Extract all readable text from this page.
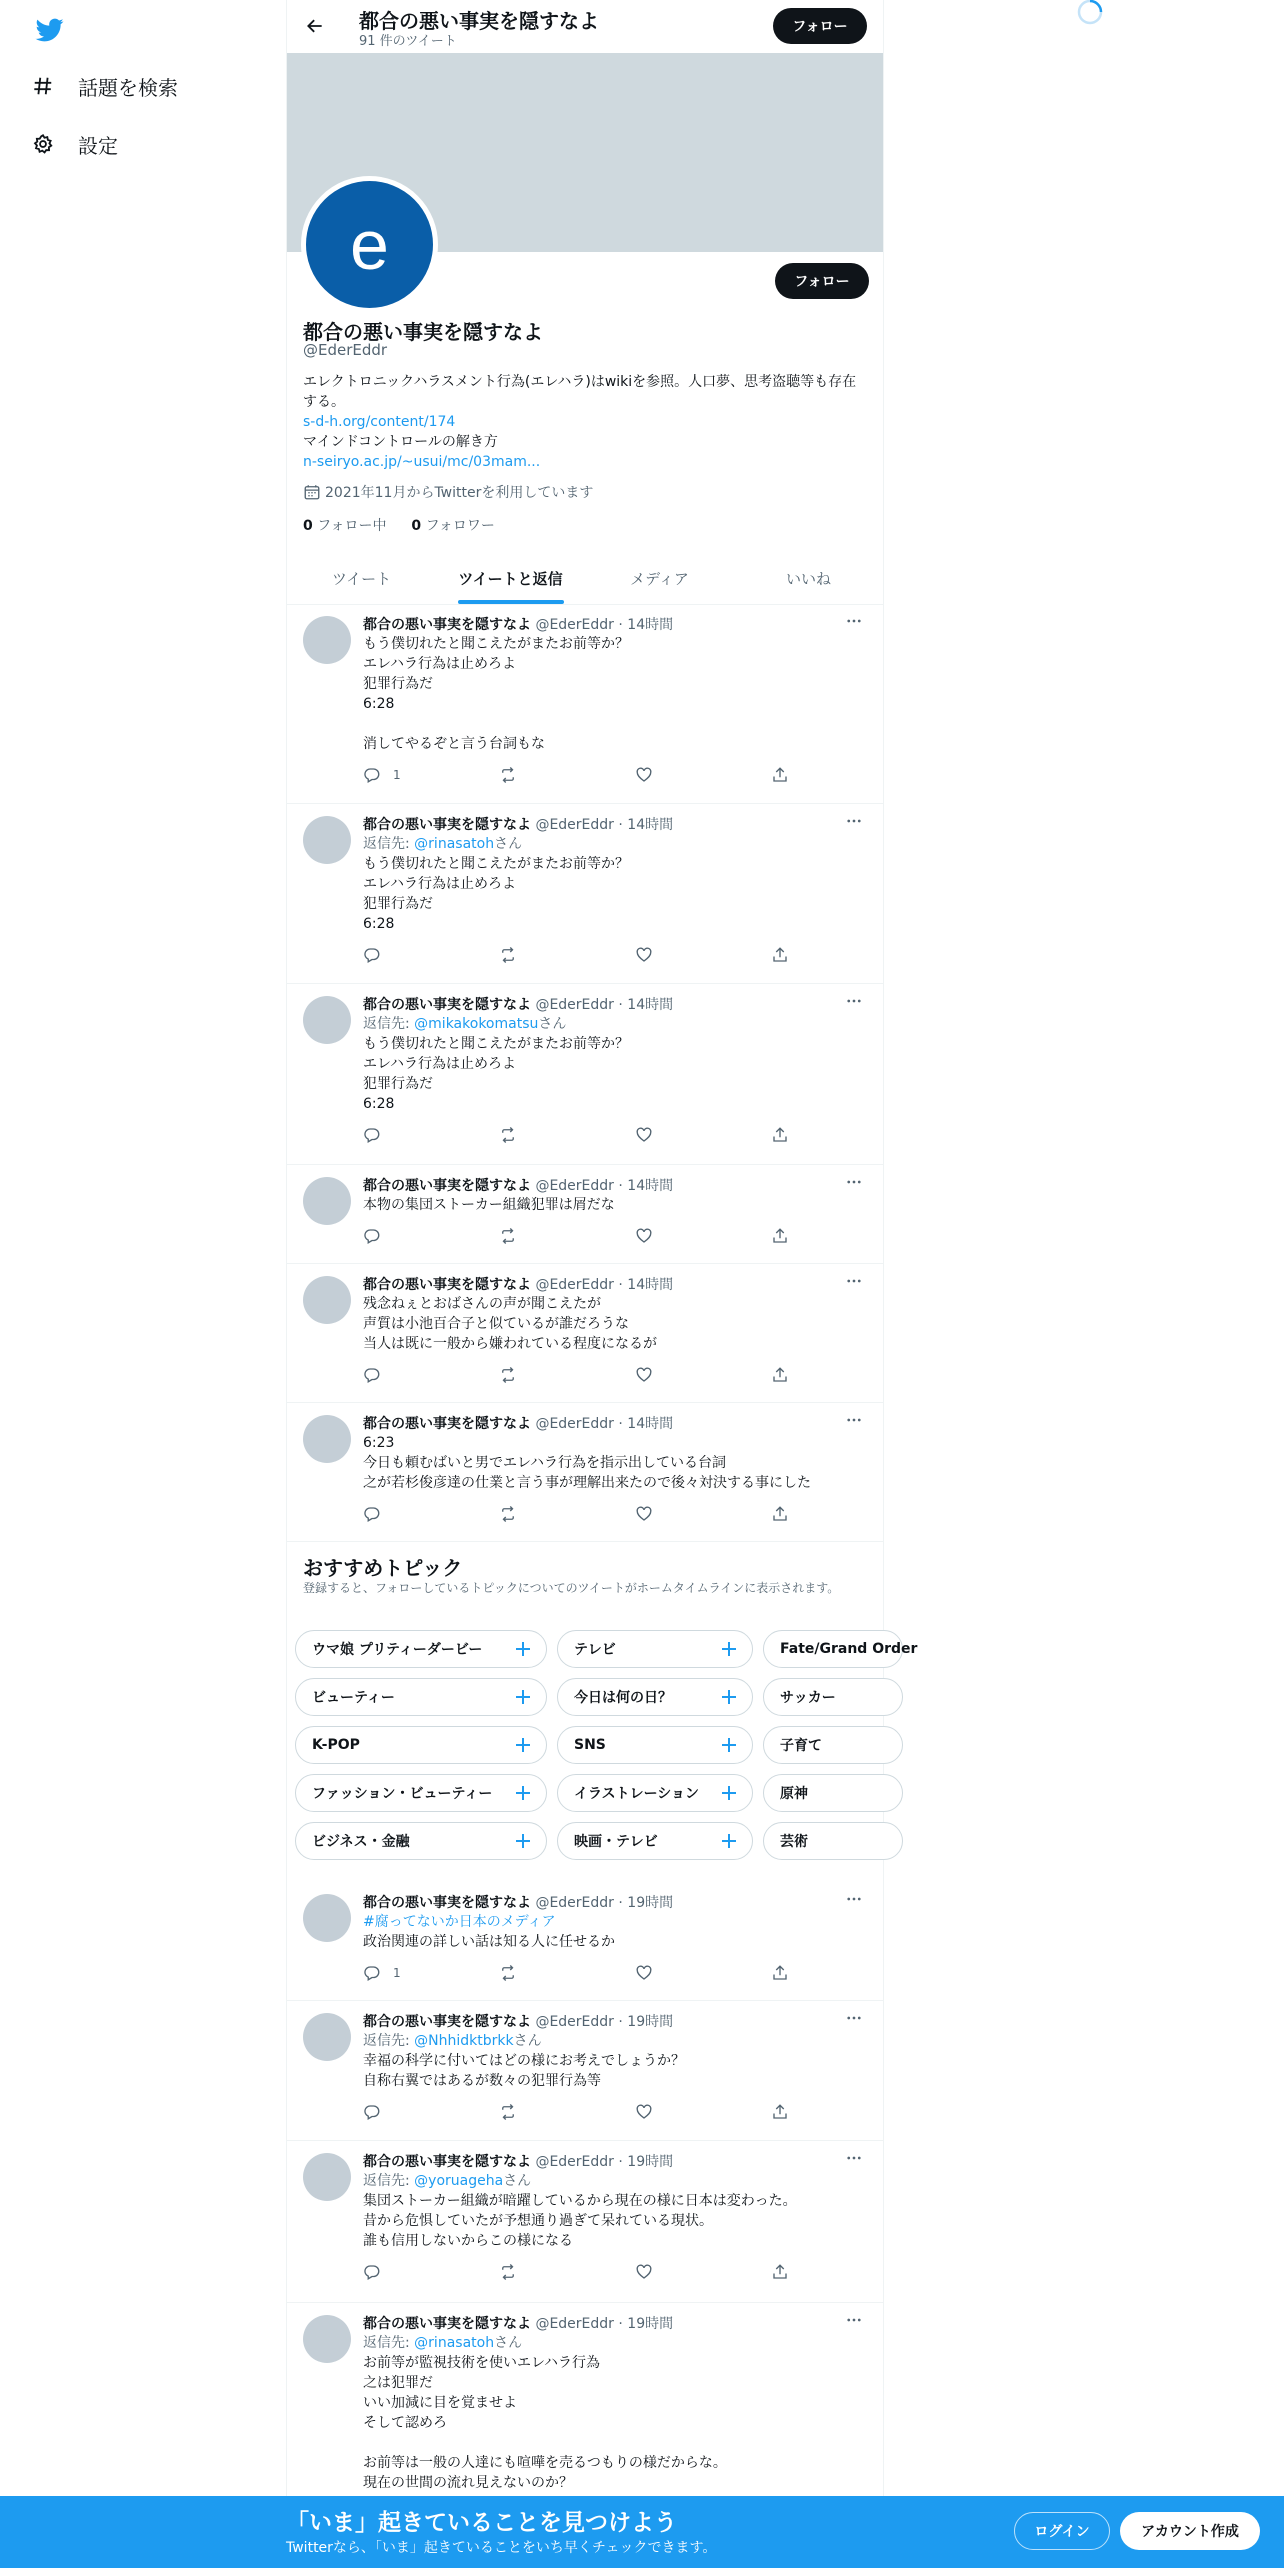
話題を検索
設定
都合の悪い事実を隠すなよ
91 件のツイート
フォロー
e	フォロー
都合の悪い事実を隠すなよ
@EderEddr
エレクトロニックハラスメント行為(エレハラ)はwikiを参照。人口夢、思考盗聴等も存在する。
s-d-h.org/content/174
マインドコントロールの解き方
n-seiryo.ac.jp/~usui/mc/03mam...
2021年11月からTwitterを利用しています
0 フォロー中 0 フォロワー
ツイート	ツイートと返信	メディア	いいね
都合の悪い事実を隠すなよ @EderEddr · 14時間
もう僕切れたと聞こえたがまたお前等か？
エレハラ行為は止めろよ
犯罪行為だ
6:28

消してやるぞと言う台詞もな
1
都合の悪い事実を隠すなよ @EderEddr · 14時間
返信先: @rinasatohさん
もう僕切れたと聞こえたがまたお前等か？
エレハラ行為は止めろよ
犯罪行為だ
6:28
都合の悪い事実を隠すなよ @EderEddr · 14時間
返信先: @mikakokomatsuさん
もう僕切れたと聞こえたがまたお前等か？
エレハラ行為は止めろよ
犯罪行為だ
6:28
都合の悪い事実を隠すなよ @EderEddr · 14時間
本物の集団ストーカー組織犯罪は屑だな
都合の悪い事実を隠すなよ @EderEddr · 14時間
残念ねぇとおばさんの声が聞こえたが
声質は小池百合子と似ているが誰だろうな
当人は既に一般から嫌われている程度になるが
都合の悪い事実を隠すなよ @EderEddr · 14時間
6:23
今日も頼むばいと男でエレハラ行為を指示出している台詞
之が若杉俊彦達の仕業と言う事が理解出来たので後々対決する事にした
都合の悪い事実を隠すなよ @EderEddr · 19時間
#腐ってないか日本のメディア
政治関連の詳しい話は知る人に任せるか
1
都合の悪い事実を隠すなよ @EderEddr · 19時間
返信先: @Nhhidktbrkkさん
幸福の科学に付いてはどの様にお考えでしょうか？
自称右翼ではあるが数々の犯罪行為等
都合の悪い事実を隠すなよ @EderEddr · 19時間
返信先: @yoruagehaさん
集団ストーカー組織が暗躍しているから現在の様に日本は変わった。
昔から危惧していたが予想通り過ぎて呆れている現状。
誰も信用しないからこの様になる
都合の悪い事実を隠すなよ @EderEddr · 19時間
返信先: @rinasatohさん
お前等が監視技術を使いエレハラ行為
之は犯罪だ
いい加減に目を覚ませよ
そして認めろ

お前等は一般の人達にも喧嘩を売るつもりの様だからな。
現在の世間の流れ見えないのか？
おすすめトピック
登録すると、フォローしているトピックについてのツイートがホームタイムラインに表示されます。
ウマ娘 プリティーダービー	テレビ	Fate/Grand Order
ビューティー	今日は何の日？	サッカー
K-POP	SNS	子育て
ファッション・ビューティー	イラストレーション	原神
ビジネス・金融	映画・テレビ	芸術
「いま」起きていることを見つけよう
Twitterなら、「いま」起きていることをいち早くチェックできます。
ログイン	アカウント作成
